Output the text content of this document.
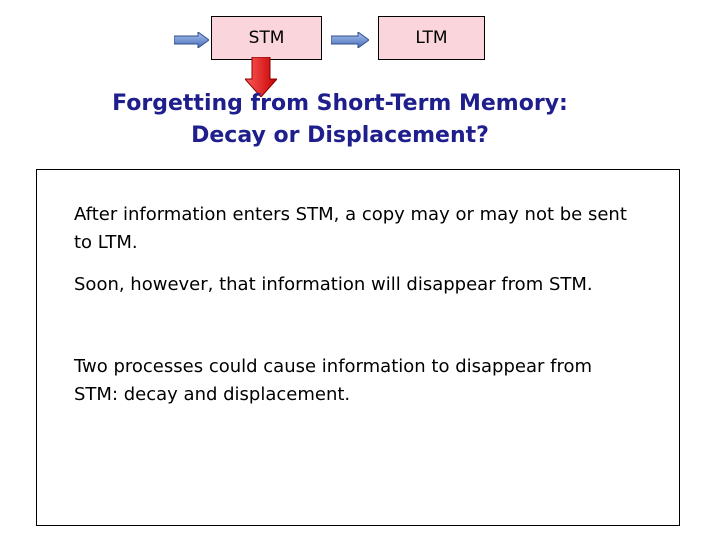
STM	LTM
Forgetting from Short-Term Memory:
Decay or Displacement?

After information enters STM, a copy may or may not be sent to LTM.

Soon, however, that information will disappear from STM.

Two processes could cause information to disappear from STM: decay and displacement.
